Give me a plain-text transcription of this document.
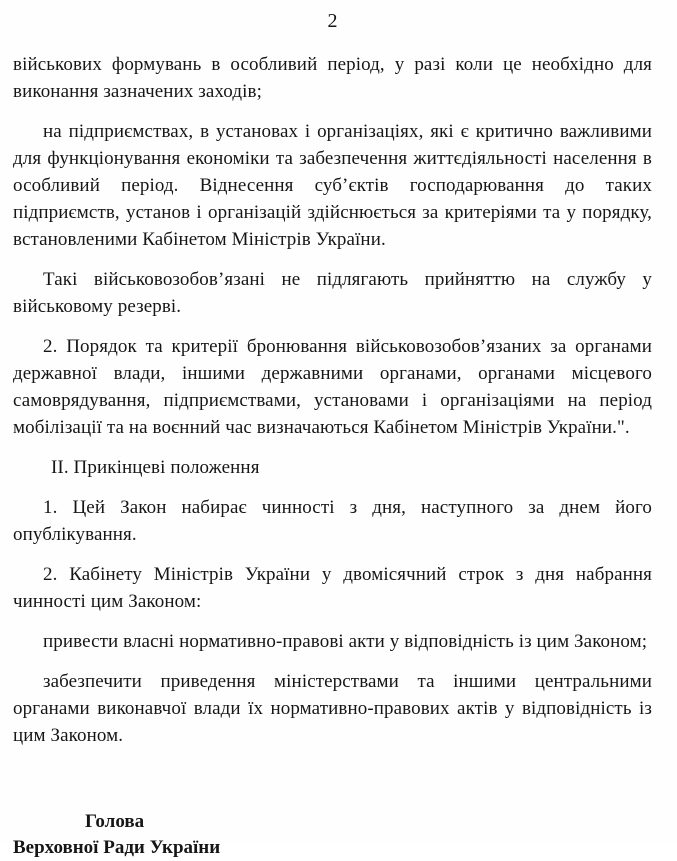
2

військових формувань в особливий період, у разі коли це необхідно для виконання зазначених заходів;

на підприємствах, в установах і організаціях, які є критично важливими для функціонування економіки та забезпечення життєдіяльності населення в особливий період. Віднесення суб’єктів господарювання до таких підприємств, установ і організацій здійснюється за критеріями та у порядку, встановленими Кабінетом Міністрів України.

Такі військовозобов’язані не підлягають прийняттю на службу у військовому резерві.

2. Порядок та критерії бронювання військовозобов’язаних за органами державної влади, іншими державними органами, органами місцевого самоврядування, підприємствами, установами і організаціями на період мобілізації та на воєнний час визначаються Кабінетом Міністрів України.".

ІІ. Прикінцеві положення

1. Цей Закон набирає чинності з дня, наступного за днем його опублікування.

2. Кабінету Міністрів України у двомісячний строк з дня набрання чинності цим Законом:

привести власні нормативно-правові акти у відповідність із цим Законом;

забезпечити приведення міністерствами та іншими центральними органами виконавчої влади їх нормативно-правових актів у відповідність із цим Законом.

Голова
Верховної Ради України
